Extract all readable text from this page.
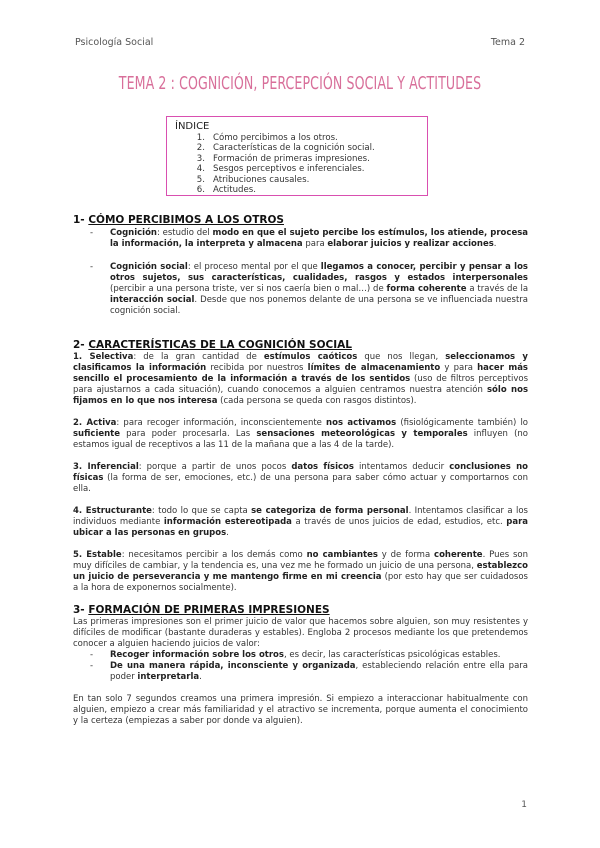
Psicología Social	Tema 2
TEMA 2 : COGNICIÓN, PERCEPCIÓN SOCIAL Y ACTITUDES
ÍNDICE
1. Cómo percibimos a los otros.
2. Características de la cognición social.
3. Formación de primeras impresiones.
4. Sesgos perceptivos e inferenciales.
5. Atribuciones causales.
6. Actitudes.
1- CÓMO PERCIBIMOS A LOS OTROS
-	Cognición: estudio del modo en que el sujeto percibe los estímulos, los atiende, procesa la información, la interpreta y almacena para elaborar juicios y realizar acciones.
-	Cognición social: el proceso mental por el que llegamos a conocer, percibir y pensar a los otros sujetos, sus características, cualidades, rasgos y estados interpersonales (percibir a una persona triste, ver si nos caería bien o mal…) de forma coherente a través de la interacción social. Desde que nos ponemos delante de una persona se ve influenciada nuestra cognición social.
2- CARACTERÍSTICAS DE LA COGNICIÓN SOCIAL

1. Selectiva: de la gran cantidad de estímulos caóticos que nos llegan, seleccionamos y clasificamos la información recibida por nuestros límites de almacenamiento y para hacer más sencillo el procesamiento de la información a través de los sentidos (uso de filtros perceptivos para ajustarnos a cada situación), cuando conocemos a alguien centramos nuestra atención sólo nos fijamos en lo que nos interesa (cada persona se queda con rasgos distintos).

2. Activa: para recoger información, inconscientemente nos activamos (fisiológicamente también) lo suficiente para poder procesarla. Las sensaciones meteorológicas y temporales influyen (no estamos igual de receptivos a las 11 de la mañana que a las 4 de la tarde).

3. Inferencial: porque a partir de unos pocos datos físicos intentamos deducir conclusiones no físicas (la forma de ser, emociones, etc.) de una persona para saber cómo actuar y comportarnos con ella.

4. Estructurante: todo lo que se capta se categoriza de forma personal. Intentamos clasificar a los individuos mediante información estereotipada a través de unos juicios de edad, estudios, etc. para ubicar a las personas en grupos.

5. Estable: necesitamos percibir a los demás como no cambiantes y de forma coherente. Pues son muy difíciles de cambiar, y la tendencia es, una vez me he formado un juicio de una persona, establezco un juicio de perseverancia y me mantengo firme en mi creencia (por esto hay que ser cuidadosos a la hora de exponernos socialmente).

3- FORMACIÓN DE PRIMERAS IMPRESIONES

Las primeras impresiones son el primer juicio de valor que hacemos sobre alguien, son muy resistentes y difíciles de modificar (bastante duraderas y estables). Engloba 2 procesos mediante los que pretendemos conocer a alguien haciendo juicios de valor:

-	Recoger información sobre los otros, es decir, las características psicológicas estables.
-	De una manera rápida, inconsciente y organizada, estableciendo relación entre ella para poder interpretarla.

En tan solo 7 segundos creamos una primera impresión. Si empiezo a interaccionar habitualmente con alguien, empiezo a crear más familiaridad y el atractivo se incrementa, porque aumenta el conocimiento y la certeza (empiezas a saber por donde va alguien).

1
